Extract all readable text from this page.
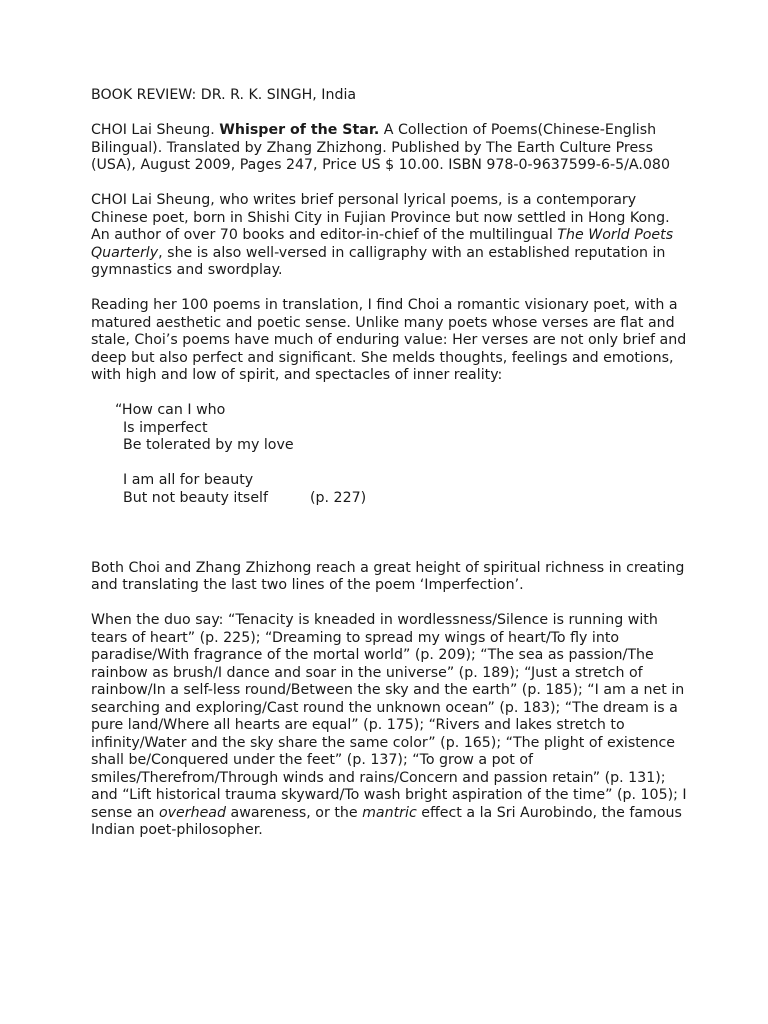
BOOK REVIEW: DR. R. K. SINGH, India

CHOI Lai Sheung. Whisper of the Star. A Collection of Poems(Chinese-English Bilingual). Translated by Zhang Zhizhong. Published by The Earth Culture Press (USA), August 2009, Pages 247, Price US $ 10.00. ISBN 978-0-9637599-6-5/A.080

CHOI Lai Sheung, who writes brief personal lyrical poems, is a contemporary Chinese poet, born in Shishi City in Fujian Province but now settled in Hong Kong. An author of over 70 books and editor-in-chief of the multilingual The World Poets Quarterly, she is also well-versed in calligraphy with an established reputation in gymnastics and swordplay.

Reading her 100 poems in translation, I find Choi a romantic visionary poet, with a matured aesthetic and poetic sense. Unlike many poets whose verses are flat and stale, Choi’s poems have much of enduring value: Her verses are not only brief and deep but also perfect and significant. She melds thoughts, feelings and emotions, with high and low of spirit, and spectacles of inner reality:

“How can I who
Is imperfect
Be tolerated by my love
I am all for beauty
But not beauty itself	(p. 227)

Both Choi and Zhang Zhizhong reach a great height of spiritual richness in creating and translating the last two lines of the poem ‘Imperfection’.

When the duo say: “Tenacity is kneaded in wordlessness/Silence is running with tears of heart” (p. 225); “Dreaming to spread my wings of heart/To fly into paradise/With fragrance of the mortal world” (p. 209); “The sea as passion/The rainbow as brush/I dance and soar in the universe” (p. 189); “Just a stretch of rainbow/In a self-less round/Between the sky and the earth” (p. 185); “I am a net in searching and exploring/Cast round the unknown ocean” (p. 183); “The dream is a pure land/Where all hearts are equal” (p. 175); “Rivers and lakes stretch to infinity/Water and the sky share the same color” (p. 165); “The plight of existence shall be/Conquered under the feet” (p. 137); “To grow a pot of smiles/Therefrom/Through winds and rains/Concern and passion retain” (p. 131); and “Lift historical trauma skyward/To wash bright aspiration of the time” (p. 105); I sense an overhead awareness, or the mantric effect a la Sri Aurobindo, the famous Indian poet-philosopher.
